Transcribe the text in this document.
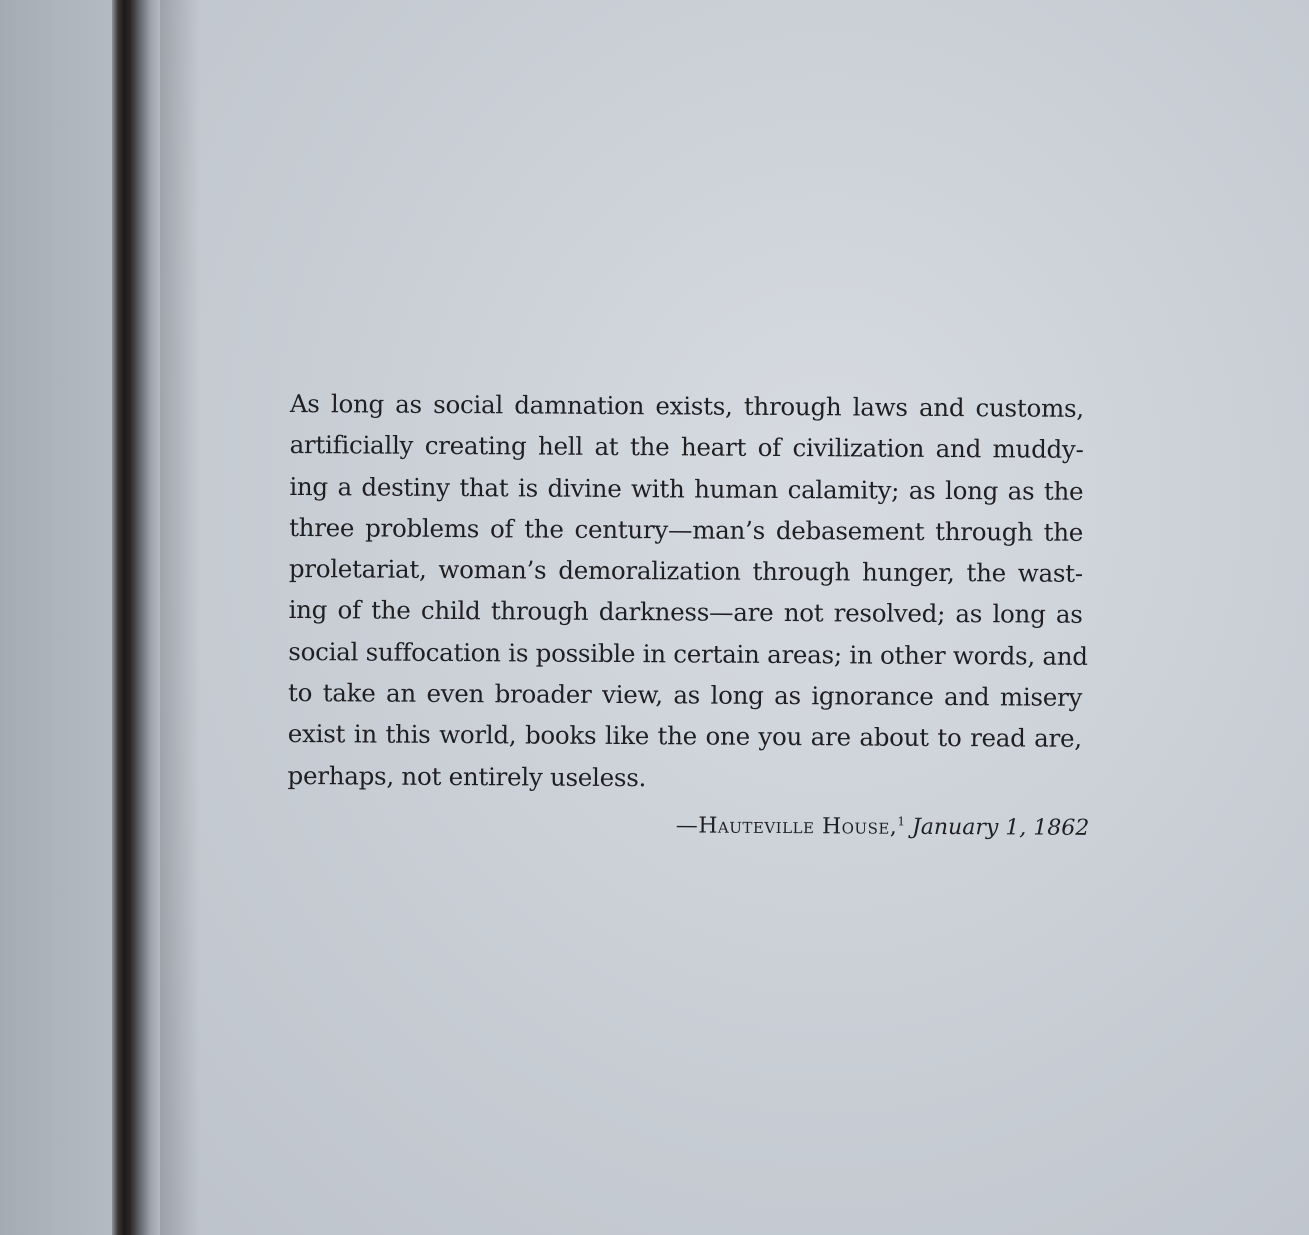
As long as social damnation exists, through laws and customs,
artificially creating hell at the heart of civilization and muddy-
ing a destiny that is divine with human calamity; as long as the
three problems of the century—man’s debasement through the
proletariat, woman’s demoralization through hunger, the wast-
ing of the child through darkness—are not resolved; as long as
social suffocation is possible in certain areas; in other words, and
to take an even broader view, as long as ignorance and misery
exist in this world, books like the one you are about to read are,
perhaps, not entirely useless.
—Hauteville House,$^1$ January 1, 1862
